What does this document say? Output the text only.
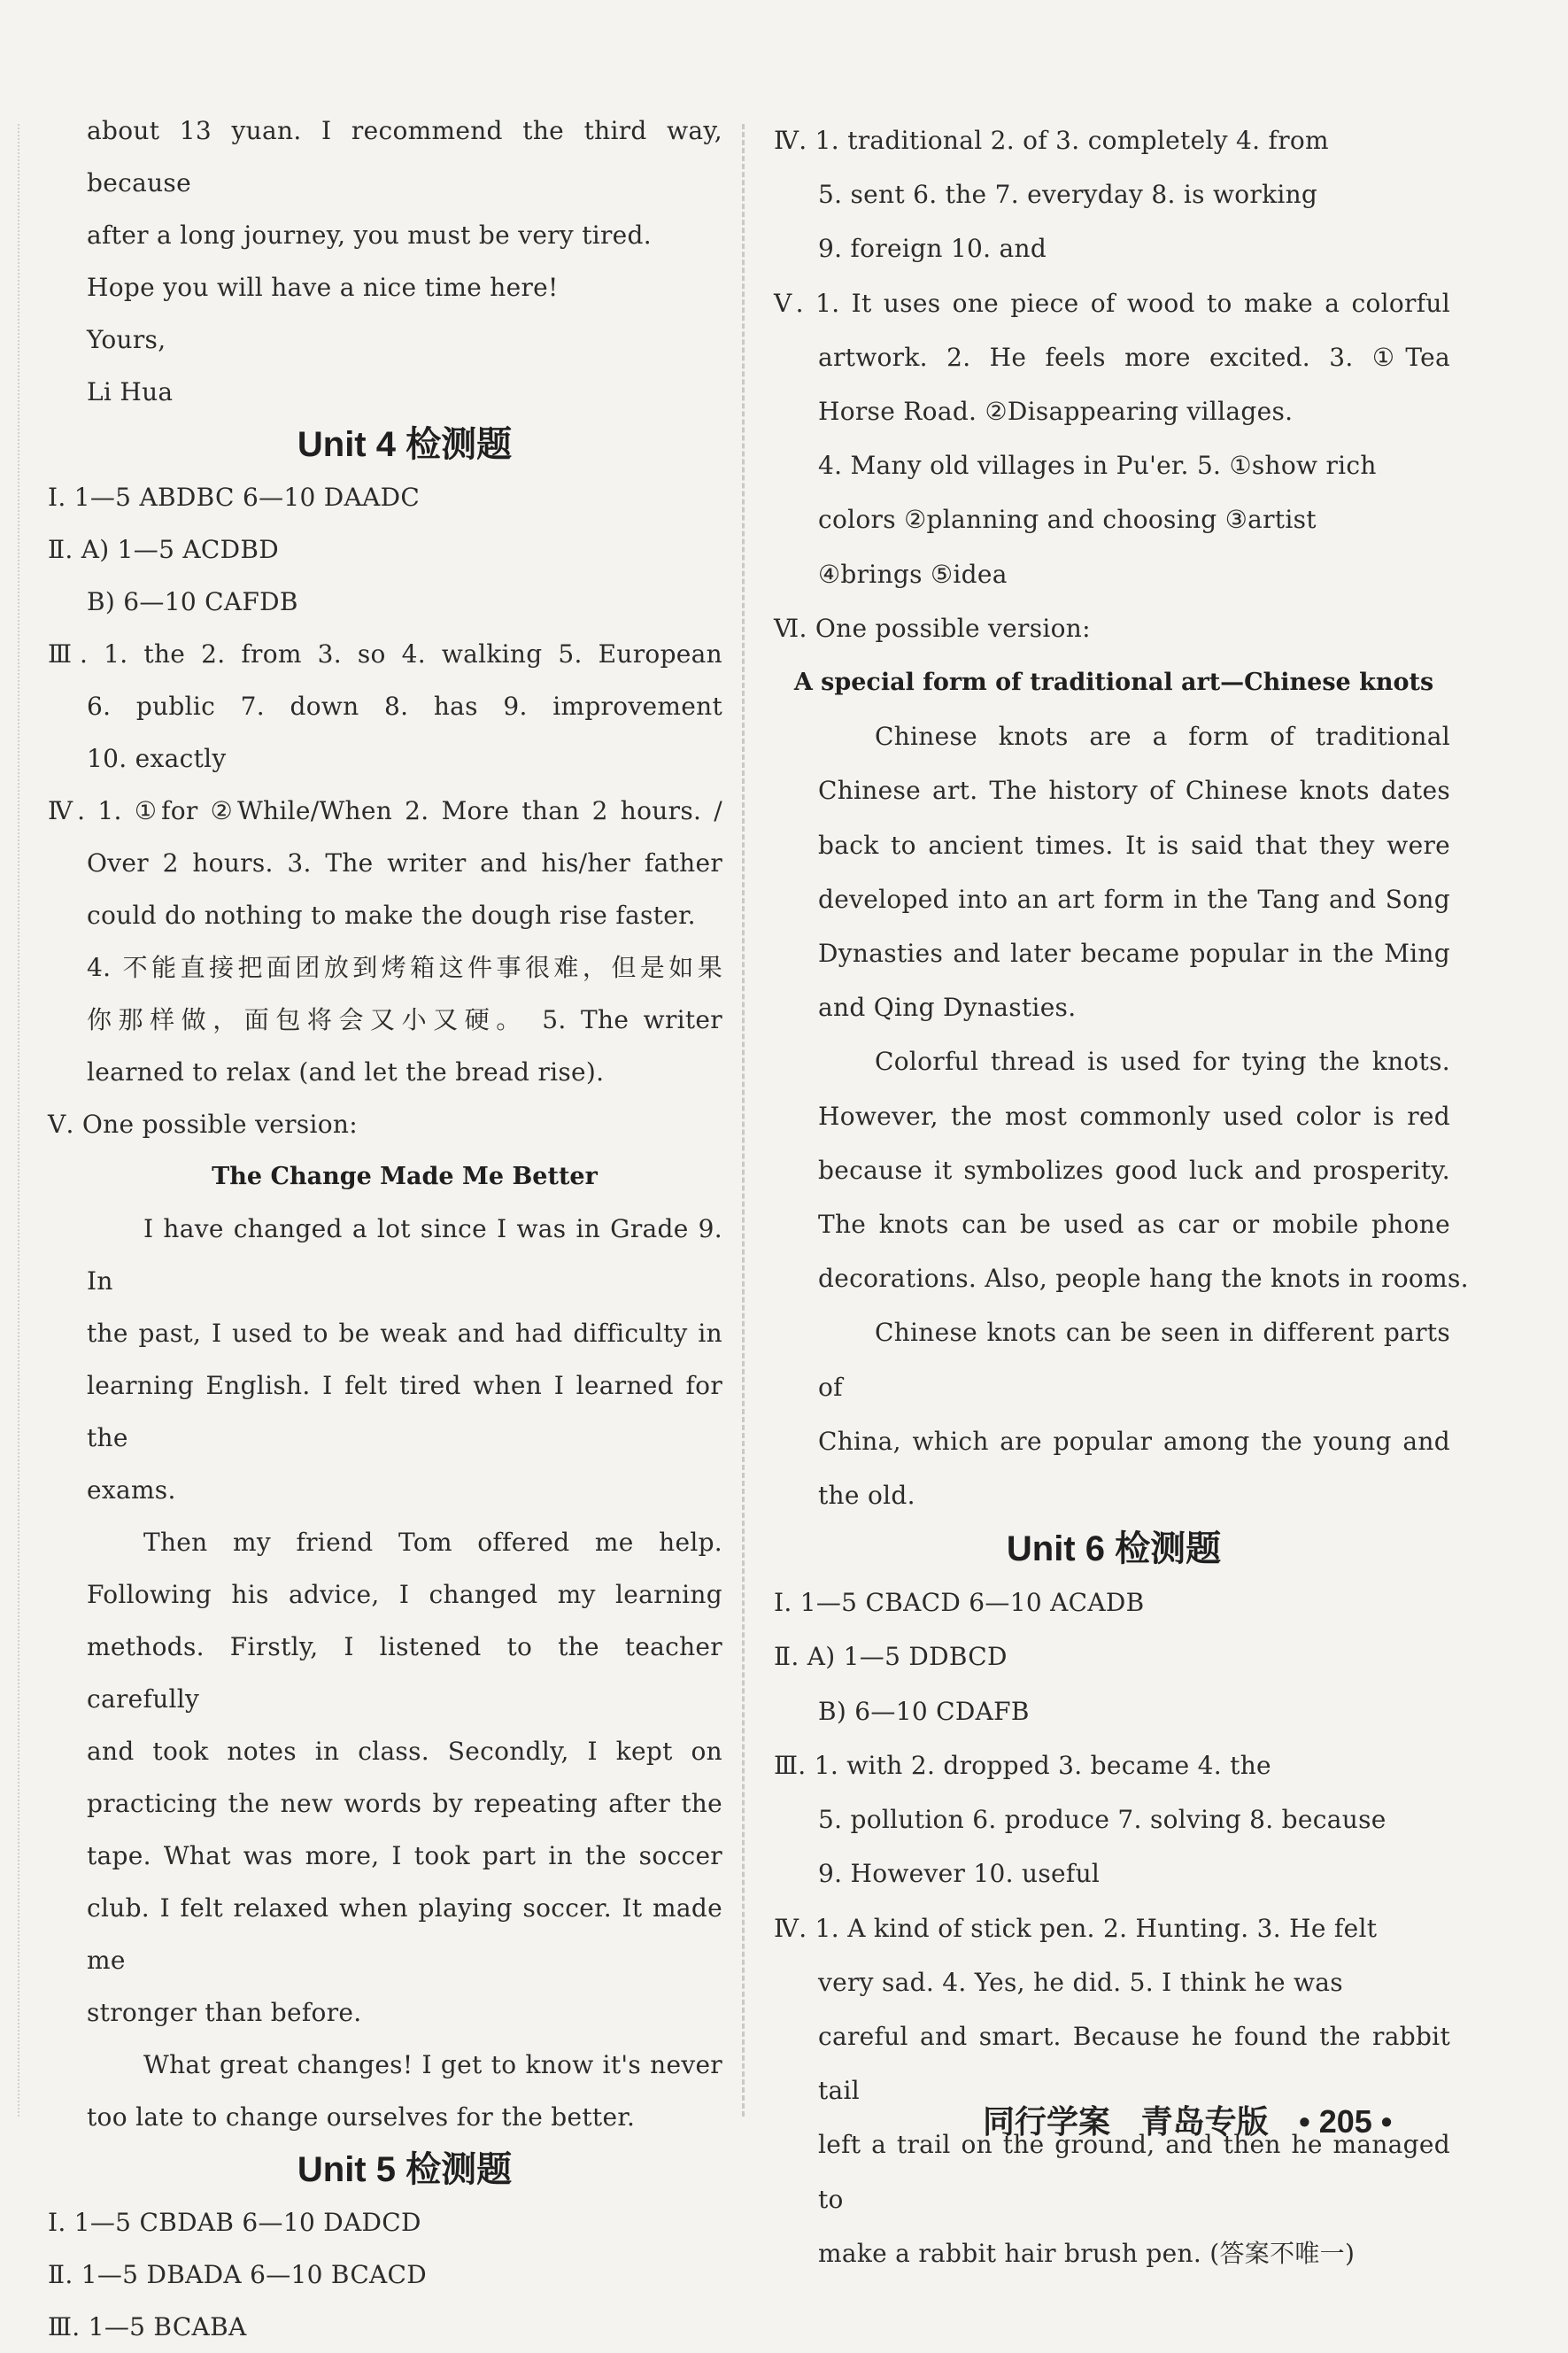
about 13 yuan. I recommend the third way, because
after a long journey, you must be very tired.
Hope you will have a nice time here!
Yours,
Li Hua
Unit 4 检测题
Ⅰ. 1—5 ABDBC 6—10 DAADC
Ⅱ. A) 1—5 ACDBD
B) 6—10 CAFDB
Ⅲ. 1. the 2. from 3. so 4. walking 5. European
6. public 7. down 8. has 9. improvement
10. exactly
Ⅳ. 1. ①for ②While/When 2. More than 2 hours. /
Over 2 hours. 3. The writer and his/her father
could do nothing to make the dough rise faster.
4. 不能直接把面团放到烤箱这件事很难，但是如果
你那样做，面包将会又小又硬。 5. The writer
learned to relax (and let the bread rise).
Ⅴ. One possible version:
The Change Made Me Better
I have changed a lot since I was in Grade 9. In
the past, I used to be weak and had difficulty in
learning English. I felt tired when I learned for the
exams.
Then my friend Tom offered me help.
Following his advice, I changed my learning
methods. Firstly, I listened to the teacher carefully
and took notes in class. Secondly, I kept on
practicing the new words by repeating after the
tape. What was more, I took part in the soccer
club. I felt relaxed when playing soccer. It made me
stronger than before.
What great changes! I get to know it's never
too late to change ourselves for the better.
Unit 5 检测题
Ⅰ. 1—5 CBDAB 6—10 DADCD
Ⅱ. 1—5 DBADA 6—10 BCACD
Ⅲ. 1—5 BCABA
Ⅳ. 1. traditional 2. of 3. completely 4. from
5. sent 6. the 7. everyday 8. is working
9. foreign 10. and
Ⅴ. 1. It uses one piece of wood to make a colorful
artwork. 2. He feels more excited. 3. ①Tea
Horse Road. ②Disappearing villages.
4. Many old villages in Pu'er. 5. ①show rich
colors ②planning and choosing ③artist
④brings ⑤idea
Ⅵ. One possible version:
A special form of traditional art—Chinese knots
Chinese knots are a form of traditional
Chinese art. The history of Chinese knots dates
back to ancient times. It is said that they were
developed into an art form in the Tang and Song
Dynasties and later became popular in the Ming
and Qing Dynasties.
Colorful thread is used for tying the knots.
However, the most commonly used color is red
because it symbolizes good luck and prosperity.
The knots can be used as car or mobile phone
decorations. Also, people hang the knots in rooms.
Chinese knots can be seen in different parts of
China, which are popular among the young and
the old.
Unit 6 检测题
Ⅰ. 1—5 CBACD 6—10 ACADB
Ⅱ. A) 1—5 DDBCD
B) 6—10 CDAFB
Ⅲ. 1. with 2. dropped 3. became 4. the
5. pollution 6. produce 7. solving 8. because
9. However 10. useful
Ⅳ. 1. A kind of stick pen. 2. Hunting. 3. He felt
very sad. 4. Yes, he did. 5. I think he was
careful and smart. Because he found the rabbit tail
left a trail on the ground, and then he managed to
make a rabbit hair brush pen. (答案不唯一)
同行学案 青岛专版 • 205 •
